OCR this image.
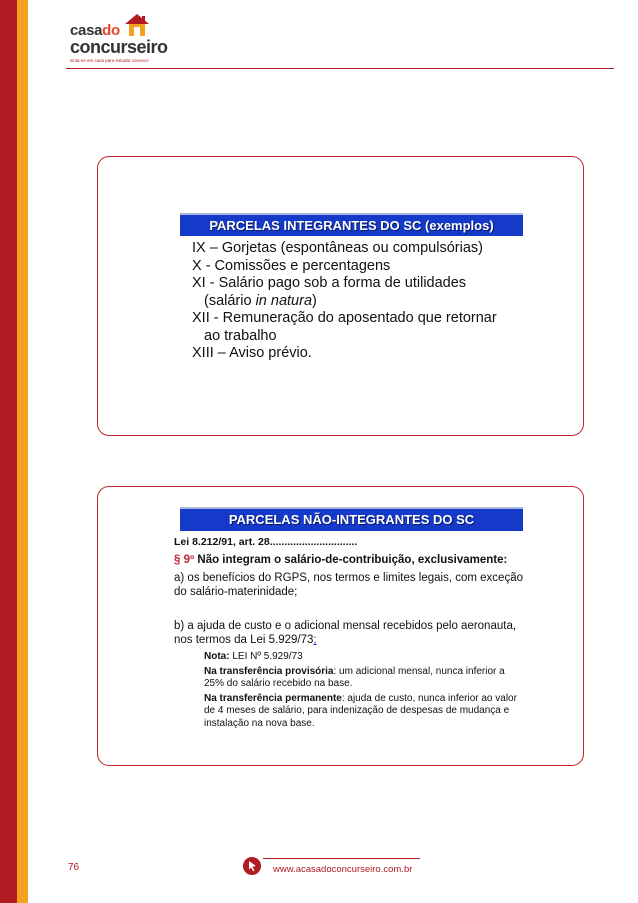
casado
concurseiro
sinta-se em casa para estudar conosco
PARCELAS INTEGRANTES DO SC (exemplos)
IX – Gorjetas (espontâneas ou compulsórias)
X - Comissões e percentagens
XI - Salário pago sob a forma de utilidades
(salário in natura)
XII - Remuneração do aposentado que retornar
ao trabalho
XIII – Aviso prévio.
PARCELAS NÃO-INTEGRANTES DO SC
Lei 8.212/91, art. 28..............................
§ 9º Não integram o salário-de-contribuição, exclusivamente:
a) os benefícios do RGPS, nos termos e limites legais, com exceção do salário-materinidade;
b) a ajuda de custo e o adicional mensal recebidos pelo aeronauta, nos termos da Lei 5.929/73;
Nota: LEI Nº 5.929/73
Na transferência provisória: um adicional mensal, nunca inferior a 25% do salário recebido na base.
Na transferência permanente: ajuda de custo, nunca inferior ao valor de 4 meses de salário, para indenização de despesas de mudança e instalação na nova base.
76	www.acasadoconcurseiro.com.br
